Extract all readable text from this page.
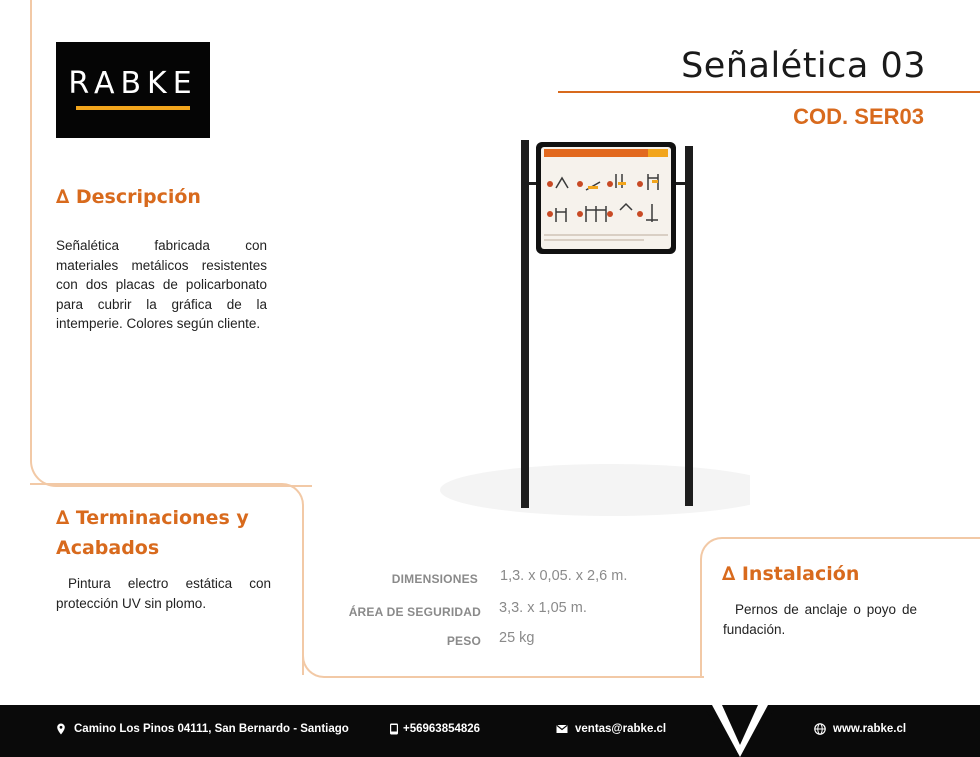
RABKE	Señalética 03
COD. SER03
∆ Descripción
Señalética fabricada con materiales metálicos resistentes con dos placas de policarbonato para cubrir la gráfica de la intemperie. Colores según cliente.
∆ Terminaciones y
Acabados
Pintura electro estática con protección UV sin plomo.
DIMENSIONES 1,3. x 0,05. x 2,6 m.
ÁREA DE SEGURIDAD 3,3. x 1,05 m.
PESO 25 kg
∆ Instalación
Pernos de anclaje o poyo de fundación.
Camino Los Pinos 04111, San Bernardo - Santiago	+56963854826	ventas@rabke.cl	www.rabke.cl
